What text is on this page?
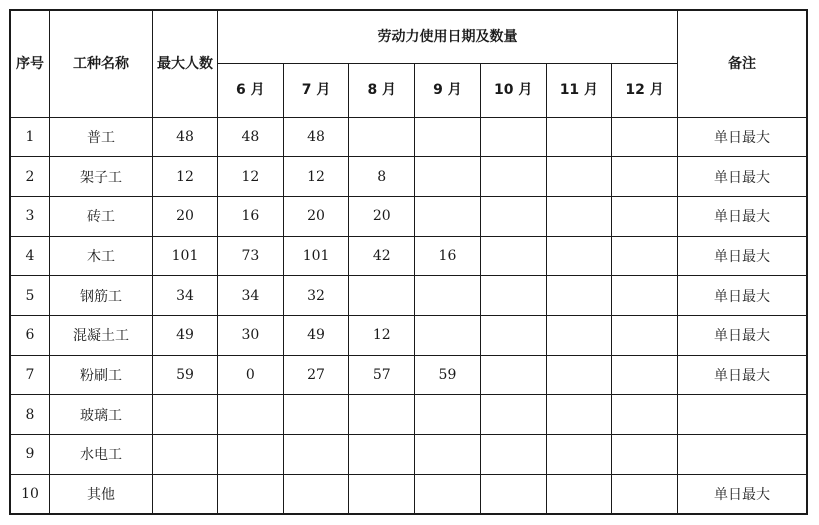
序号	工种名称	最大人数	劳动力使用日期及数量							备注
			6 月	7 月	8 月	9 月	10 月	11 月	12 月	
1	普工	48	48	48						单日最大
2	架子工	12	12	12	8					单日最大
3	砖工	20	16	20	20					单日最大
4	木工	101	73	101	42	16				单日最大
5	钢筋工	34	34	32						单日最大
6	混凝土工	49	30	49	12					单日最大
7	粉刷工	59	0	27	57	59				单日最大
8	玻璃工									
9	水电工									
10	其他									单日最大
